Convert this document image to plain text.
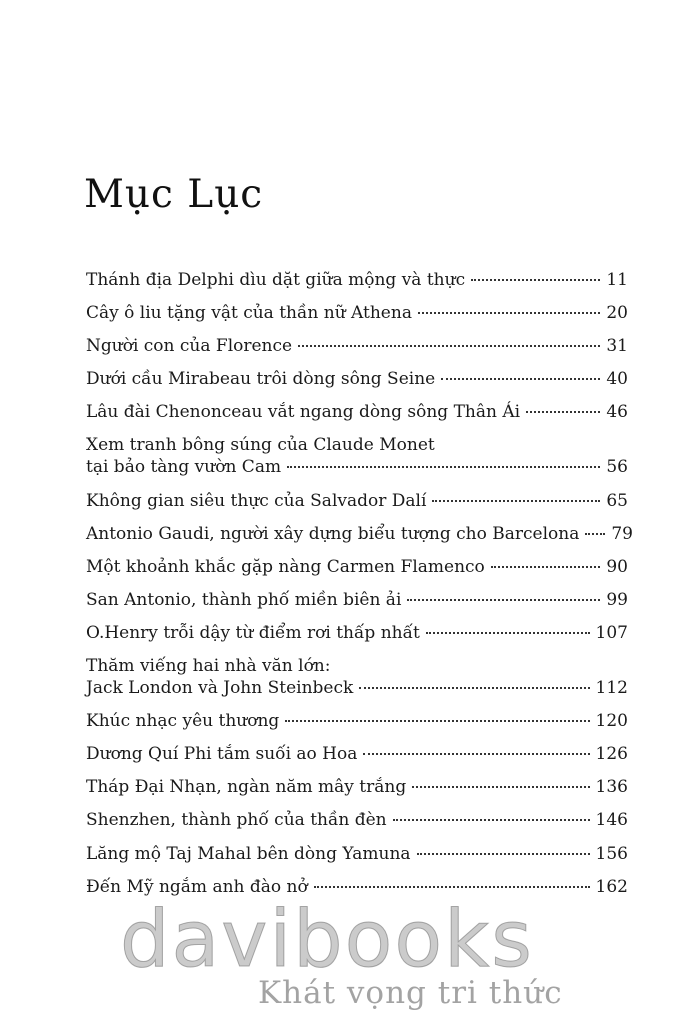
Mục Lục
Thánh địa Delphi dìu dặt giữa mộng và thực	11
Cây ô liu tặng vật của thần nữ Athena	20
Người con của Florence	31
Dưới cầu Mirabeau trôi dòng sông Seine	40
Lâu đài Chenonceau vắt ngang dòng sông Thân Ái	46
Xem tranh bông súng của Claude Monet
tại bảo tàng vườn Cam	56
Không gian siêu thực của Salvador Dalí	65
Antonio Gaudi, người xây dựng biểu tượng cho Barcelona 79
Một khoảnh khắc gặp nàng Carmen Flamenco	90
San Antonio, thành phố miền biên ải	99
O.Henry trỗi dậy từ điểm rơi thấp nhất	107
Thăm viếng hai nhà văn lớn:
Jack London và John Steinbeck	112
Khúc nhạc yêu thương	120
Dương Quí Phi tắm suối ao Hoa	126
Tháp Đại Nhạn, ngàn năm mây trắng	136
Shenzhen, thành phố của thần đèn	146
Lăng mộ Taj Mahal bên dòng Yamuna	156
Đến Mỹ ngắm anh đào nở	162
davibooks
Khát vọng tri thức
